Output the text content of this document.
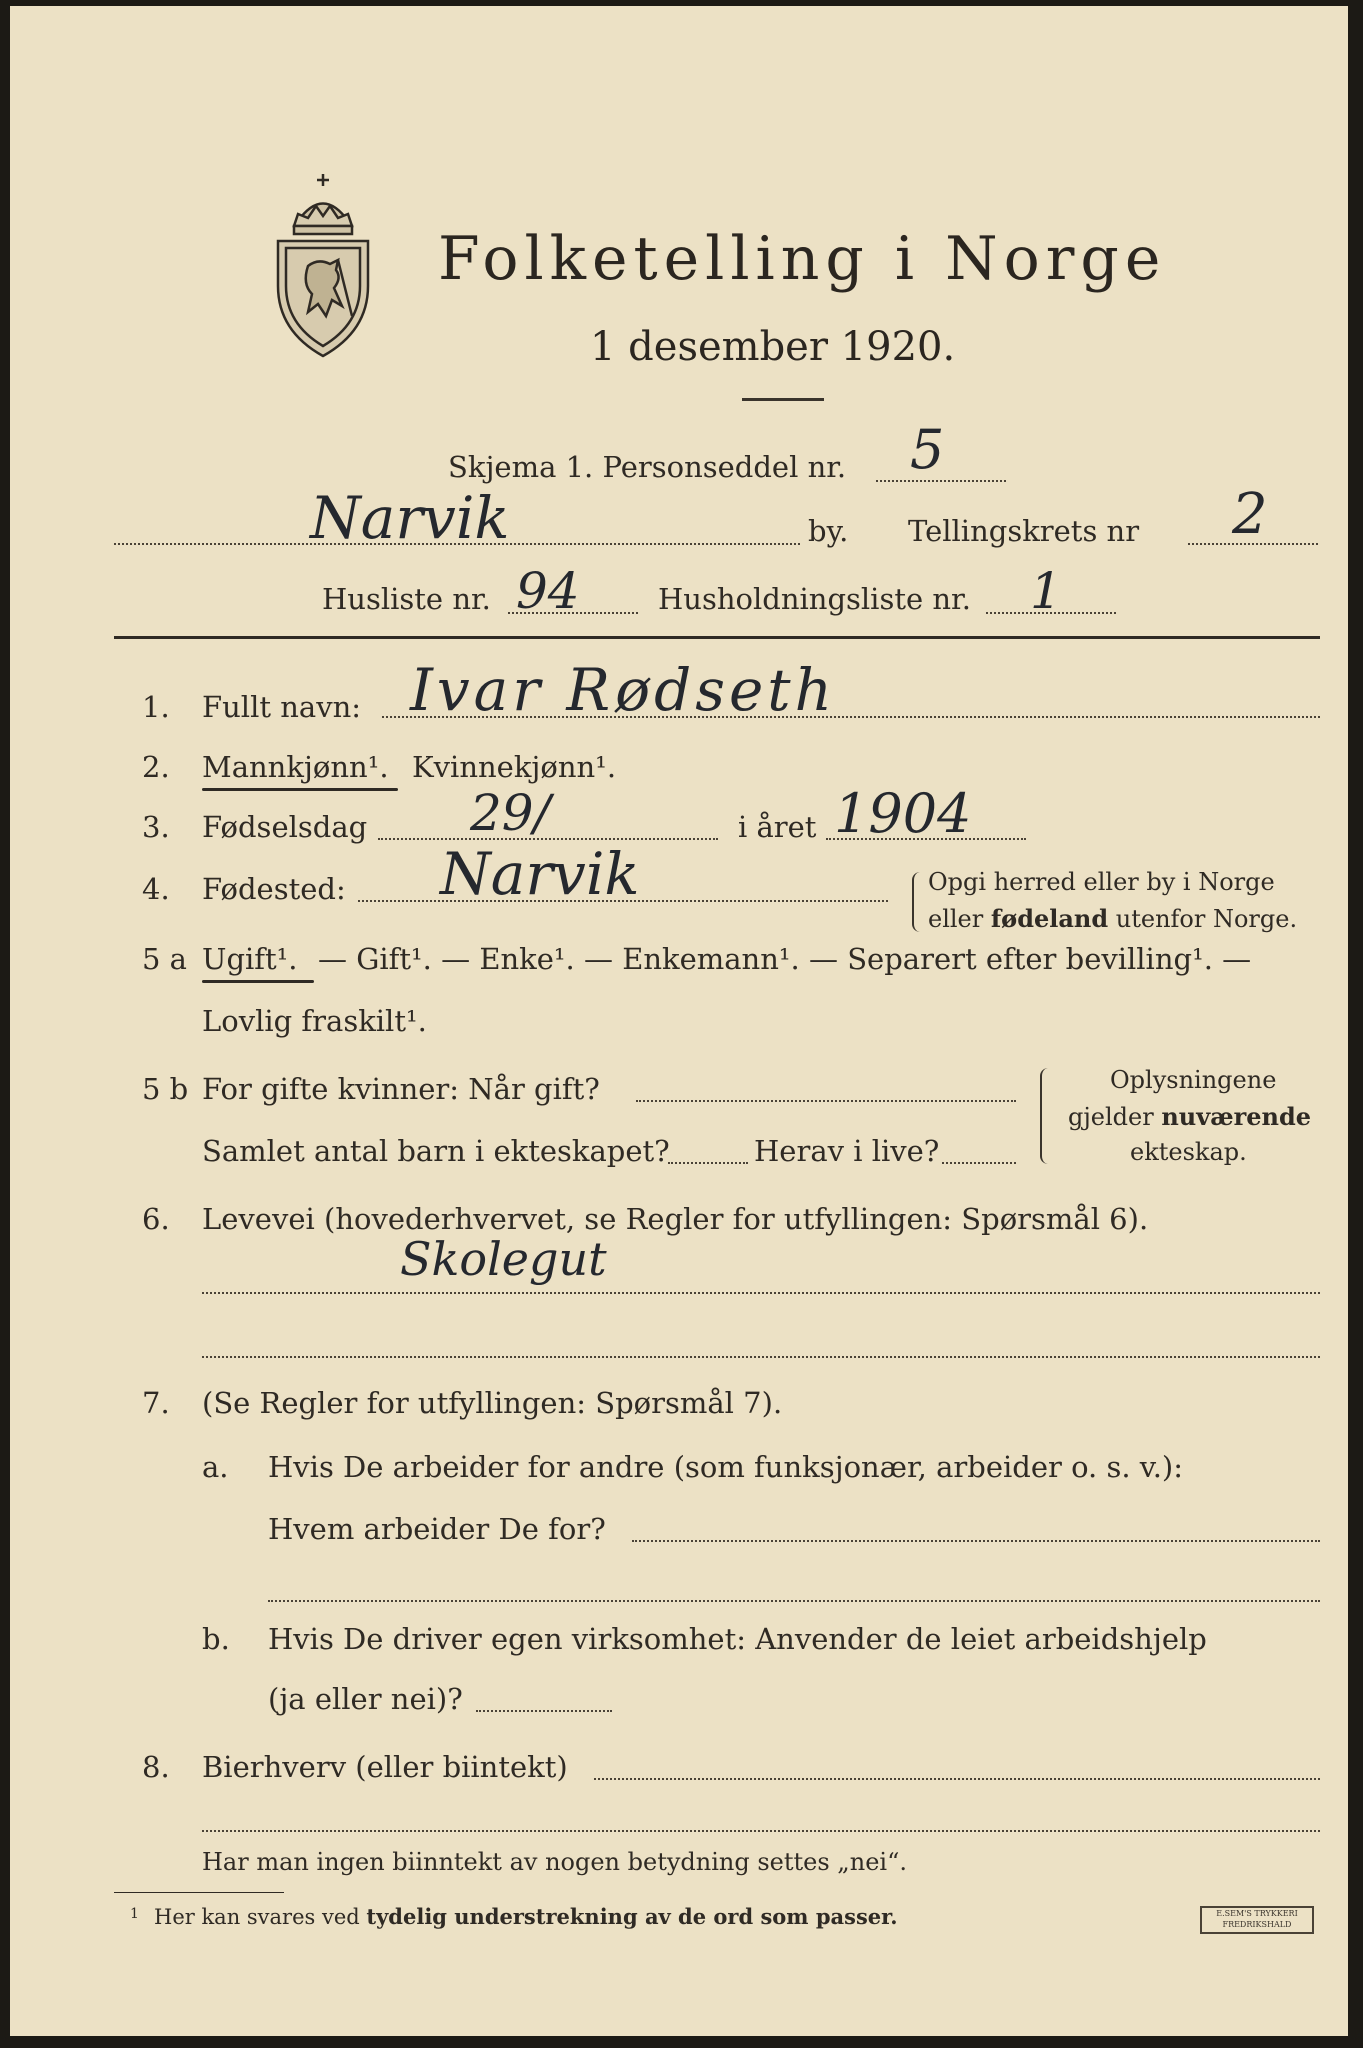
Folketelling i Norge
1 desember 1920.
Skjema 1. Personseddel nr. 5
Narvik	by. Tellingskrets nr 2
Husliste nr. 94	Husholdningsliste nr. 1
1. Fullt navn: Ivar Rødseth
2. Mannkjønn¹. Kvinnekjønn¹.
3. Fødselsdag 29/	i året 1904
4. Fødested: Narvik	Opgi herred eller by i Norge
eller fødeland utenfor Norge.
5 a Ugift¹. — Gift¹. — Enke¹. — Enkemann¹. — Separert efter bevilling¹. —
Lovlig fraskilt¹.
5 b For gifte kvinner: Når gift?
Samlet antal barn i ekteskapet?	Herav i live?
Oplysningene
gjelder nuværende
ekteskap.
6. Levevei (hovederhvervet, se Regler for utfyllingen: Spørsmål 6).
Skolegut
7. (Se Regler for utfyllingen: Spørsmål 7).
a. Hvis De arbeider for andre (som funksjonær, arbeider o. s. v.):
Hvem arbeider De for?
b. Hvis De driver egen virksomhet: Anvender de leiet arbeidshjelp
(ja eller nei)?
8. Bierhverv (eller biintekt)
Har man ingen biinntekt av nogen betydning settes „nei“.
1 Her kan svares ved tydelig understrekning av de ord som passer.	E.SEM'S TRYKKERI
FREDRIKSHALD
